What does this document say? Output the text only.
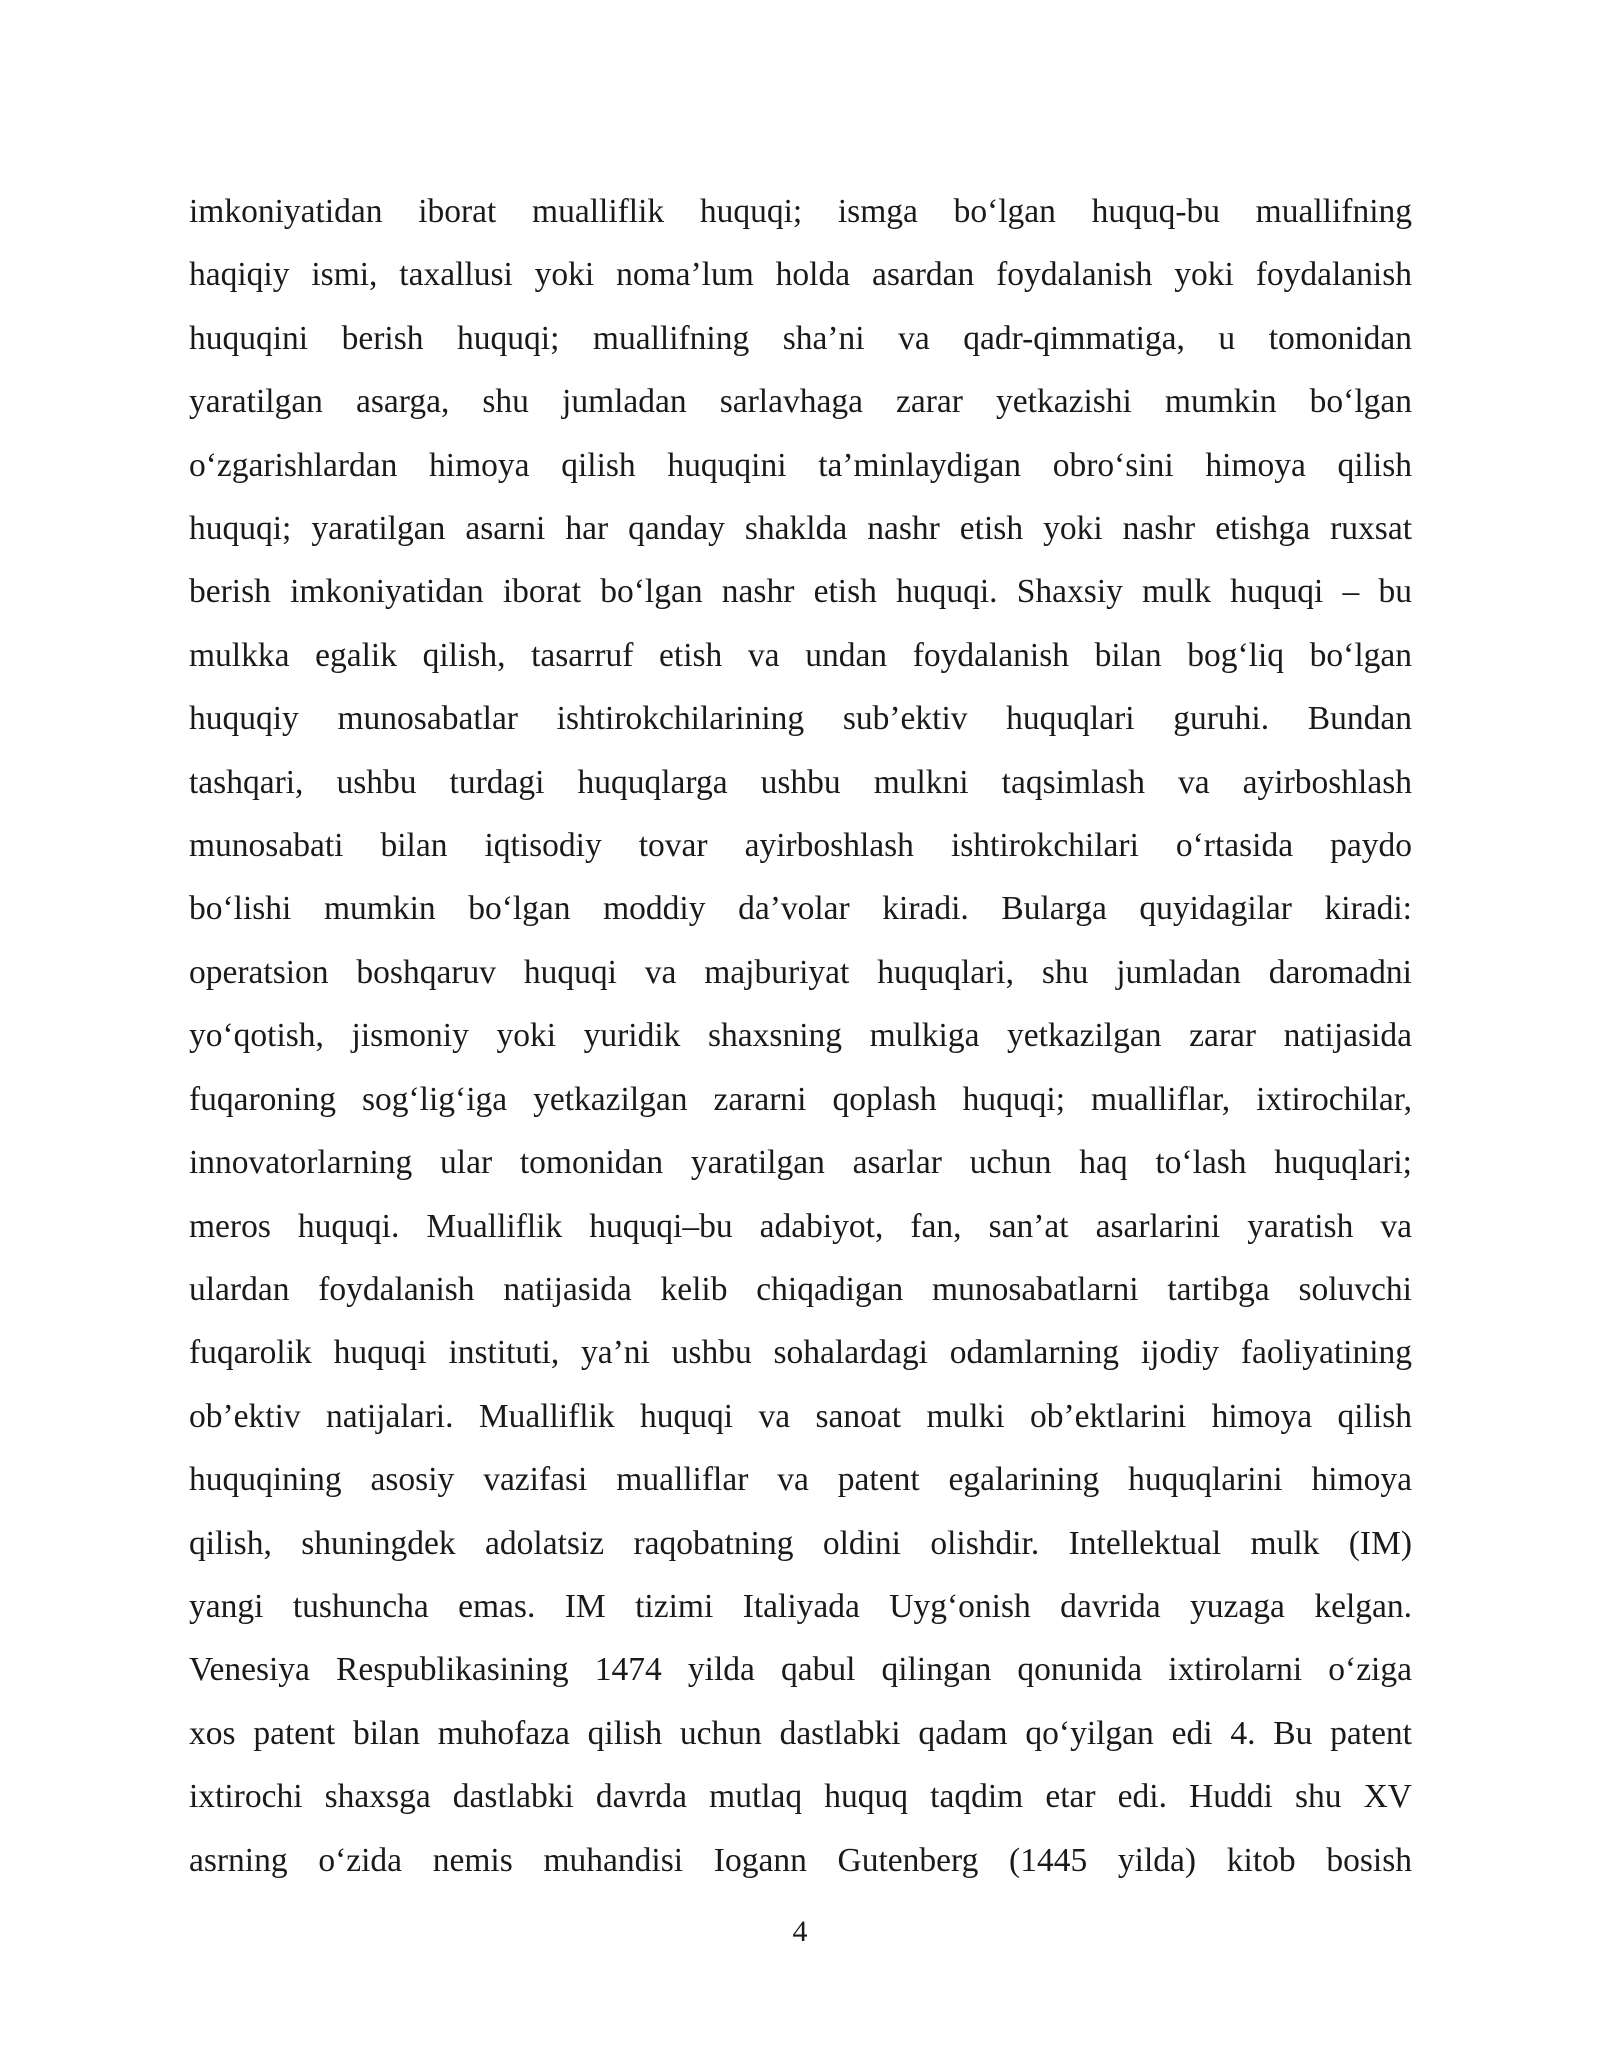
imkoniyatidan iborat mualliflik huquqi; ismga bo‘lgan huquq-bu muallifning
haqiqiy ismi, taxallusi yoki noma’lum holda asardan foydalanish yoki foydalanish
huquqini berish huquqi; muallifning sha’ni va qadr-qimmatiga, u tomonidan
yaratilgan asarga, shu jumladan sarlavhaga zarar yetkazishi mumkin bo‘lgan
o‘zgarishlardan himoya qilish huquqini ta’minlaydigan obro‘sini himoya qilish
huquqi; yaratilgan asarni har qanday shaklda nashr etish yoki nashr etishga ruxsat
berish imkoniyatidan iborat bo‘lgan nashr etish huquqi. Shaxsiy mulk huquqi – bu
mulkka egalik qilish, tasarruf etish va undan foydalanish bilan bog‘liq bo‘lgan
huquqiy munosabatlar ishtirokchilarining sub’ektiv huquqlari guruhi. Bundan
tashqari, ushbu turdagi huquqlarga ushbu mulkni taqsimlash va ayirboshlash
munosabati bilan iqtisodiy tovar ayirboshlash ishtirokchilari o‘rtasida paydo
bo‘lishi mumkin bo‘lgan moddiy da’volar kiradi. Bularga quyidagilar kiradi:
operatsion boshqaruv huquqi va majburiyat huquqlari, shu jumladan daromadni
yo‘qotish, jismoniy yoki yuridik shaxsning mulkiga yetkazilgan zarar natijasida
fuqaroning sog‘lig‘iga yetkazilgan zararni qoplash huquqi; mualliflar, ixtirochilar,
innovatorlarning ular tomonidan yaratilgan asarlar uchun haq to‘lash huquqlari;
meros huquqi. Mualliflik huquqi–bu adabiyot, fan, san’at asarlarini yaratish va
ulardan foydalanish natijasida kelib chiqadigan munosabatlarni tartibga soluvchi
fuqarolik huquqi instituti, ya’ni ushbu sohalardagi odamlarning ijodiy faoliyatining
ob’ektiv natijalari. Mualliflik huquqi va sanoat mulki ob’ektlarini himoya qilish
huquqining asosiy vazifasi mualliflar va patent egalarining huquqlarini himoya
qilish, shuningdek adolatsiz raqobatning oldini olishdir. Intellektual mulk (IM)
yangi tushuncha emas. IM tizimi Italiyada Uyg‘onish davrida yuzaga kelgan.
Venesiya Respublikasining 1474 yilda qabul qilingan qonunida ixtirolarni o‘ziga
xos patent bilan muhofaza qilish uchun dastlabki qadam qo‘yilgan edi 4. Bu patent
ixtirochi shaxsga dastlabki davrda mutlaq huquq taqdim etar edi. Huddi shu XV
asrning o‘zida nemis muhandisi Iogann Gutenberg (1445 yilda) kitob bosish
4
